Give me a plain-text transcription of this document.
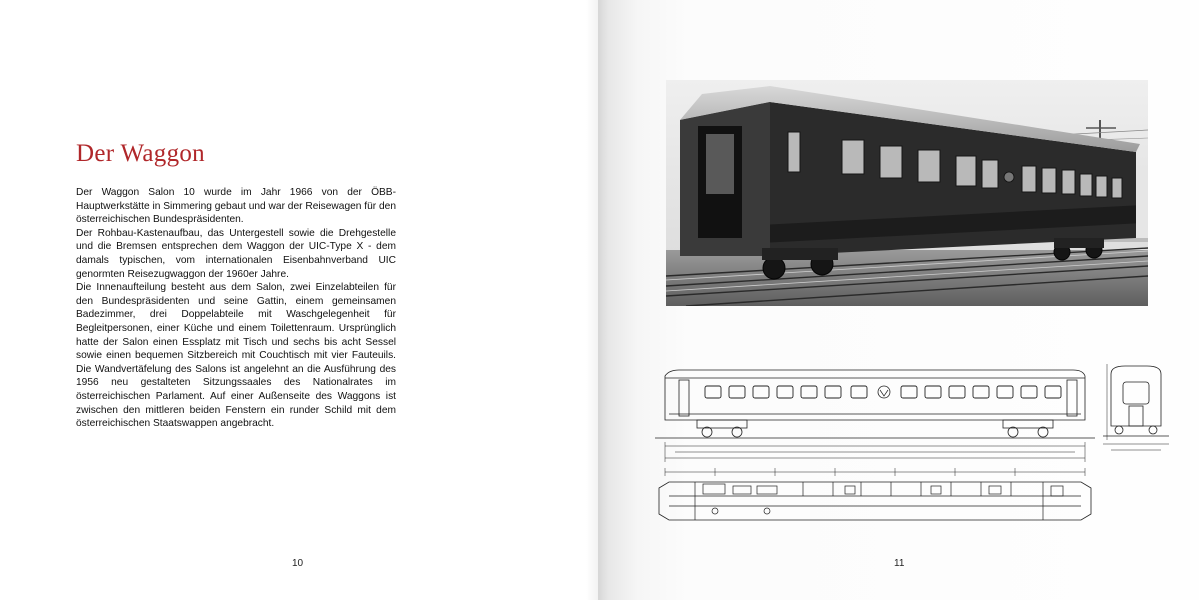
Der Waggon

Der Waggon Salon 10 wurde im Jahr 1966 von der ÖBB-Hauptwerkstätte in Simmering gebaut und war der Reisewagen für den österreichischen Bundespräsidenten.

Der Rohbau-Kastenaufbau, das Untergestell sowie die Drehgestelle und die Bremsen entsprechen dem Waggon der UIC-Type X - dem damals typischen, vom internationalen Eisenbahnverband UIC genormten Reisezugwaggon der 1960er Jahre.

Die Innenaufteilung besteht aus dem Salon, zwei Einzelabteilen für den Bundespräsidenten und seine Gattin, einem gemeinsamen Badezimmer, drei Doppelabteile mit Waschgelegenheit für Begleitpersonen, einer Küche und einem Toilettenraum. Ursprünglich hatte der Salon einen Essplatz mit Tisch und sechs bis acht Sessel sowie einen bequemen Sitzbereich mit Couchtisch mit vier Fauteuils. Die Wandvertäfelung des Salons ist angelehnt an die Ausführung des 1956 neu gestalteten Sitzungssaales des Nationalrates im österreichischen Parlament. Auf einer Außenseite des Waggons ist zwischen den mittleren beiden Fenstern ein runder Schild mit dem österreichischen Staatswappen angebracht.

10	11
